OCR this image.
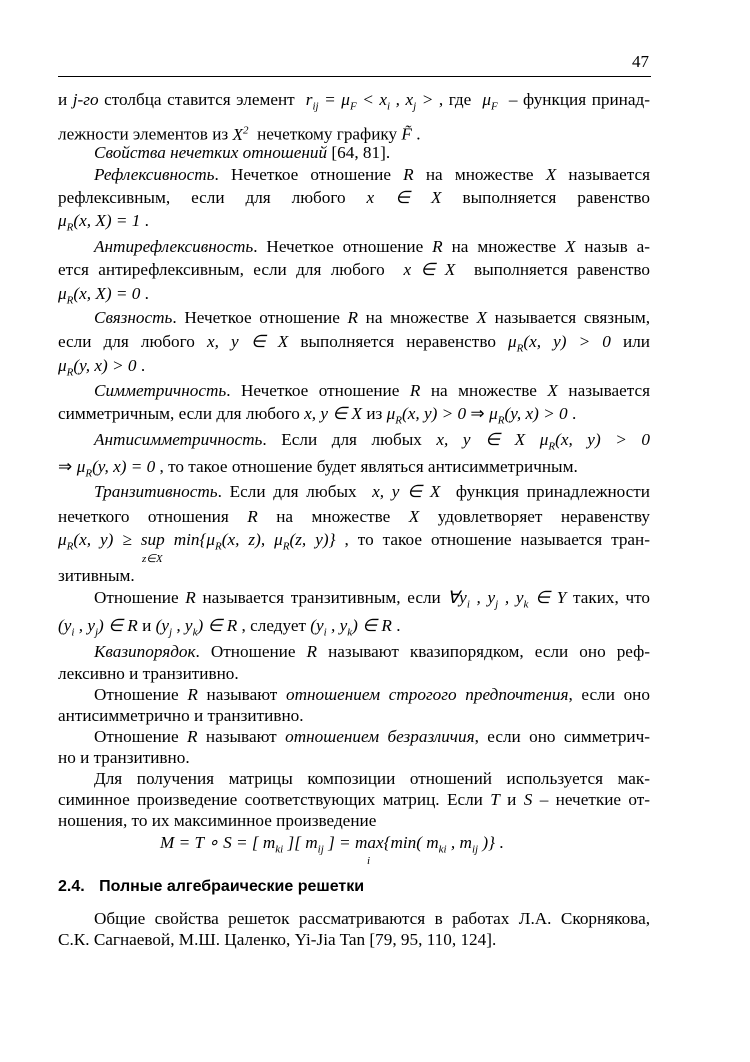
47
и j-го столбца ставится элемент  $r_{ij} = \mu_F < x_i$ , $x_j$ > , где  $\mu_F$  – функция принад-
лежности элементов из $X^2$  нечеткому графику F̃ .
Свойства нечетких отношений [64, 81].
Рефлексивность. Нечеткое отношение R на множестве X называется
рефлексивным, если для любого x ∈ X выполняется равенство
$\mu_R(x$, X) = 1 .
Антирефлексивность. Нечеткое отношение R на множестве X назыв а-
ется антирефлексивным, если для любого  x ∈ X  выполняется равенство
$\mu_R(x$, X) = 0 .
Связность. Нечеткое отношение R на множестве X называется связным,
если для любого x, y ∈ X выполняется неравенство $\mu_R(x$, y) > 0 или
$\mu_R(y$, x) > 0 .
Симметричность. Нечеткое отношение R на множестве X называется
симметричным, если для любого x, y ∈ X из $\mu_R(x$, y) > 0 ⇒ $\mu_R(y$, x) > 0 .
Антисимметричность. Если для любых x, y ∈ X $\mu_R(x$, y) > 0
⇒ $\mu_R(y$, x) = 0 , то такое отношение будет являться антисимметричным.
Транзитивность. Если для любых  x, y ∈ X  функция принадлежности
нечеткого отношения R на множестве X удовлетворяет неравенству
$\mu_R(x$, y) ≥ sup $\min\{\mu_R(x$, z), $\mu_R(z$, y)} , то такое отношение называется тран-
z∈X
зитивным.
Отношение R называется транзитивным, если $\forall y_i$ , $y_j$ , $y_k$ ∈ Y таких, что
($y_i$ , $y_j$) ∈ R и ($y_j$ , $y_k$) ∈ R , следует ($y_i$ , $y_k$) ∈ R .
Квазипорядок. Отношение R называют квазипорядком, если оно реф-
лексивно и транзитивно.
Отношение R называют отношением строгого предпочтения, если оно
антисимметрично и транзитивно.
Отношение R называют отношением безразличия, если оно симметрич-
но и транзитивно.
Для получения матрицы композиции отношений используется мак-
симинное произведение соответствующих матриц. Если T и S – нечеткие от-
ношения, то их максиминное произведение
M = T ∘ S = [ $m_{ki}$ ][ $m_{ij}$ ] = max{min( $m_{ki}$ , $m_{ij}$ )} .
i
2.4. Полные алгебраические решетки
Общие свойства решеток рассматриваются в работах Л.А. Скорнякова,
С.К. Сагнаевой, М.Ш. Цаленко, Yi-Jia Tan [79, 95, 110, 124].
